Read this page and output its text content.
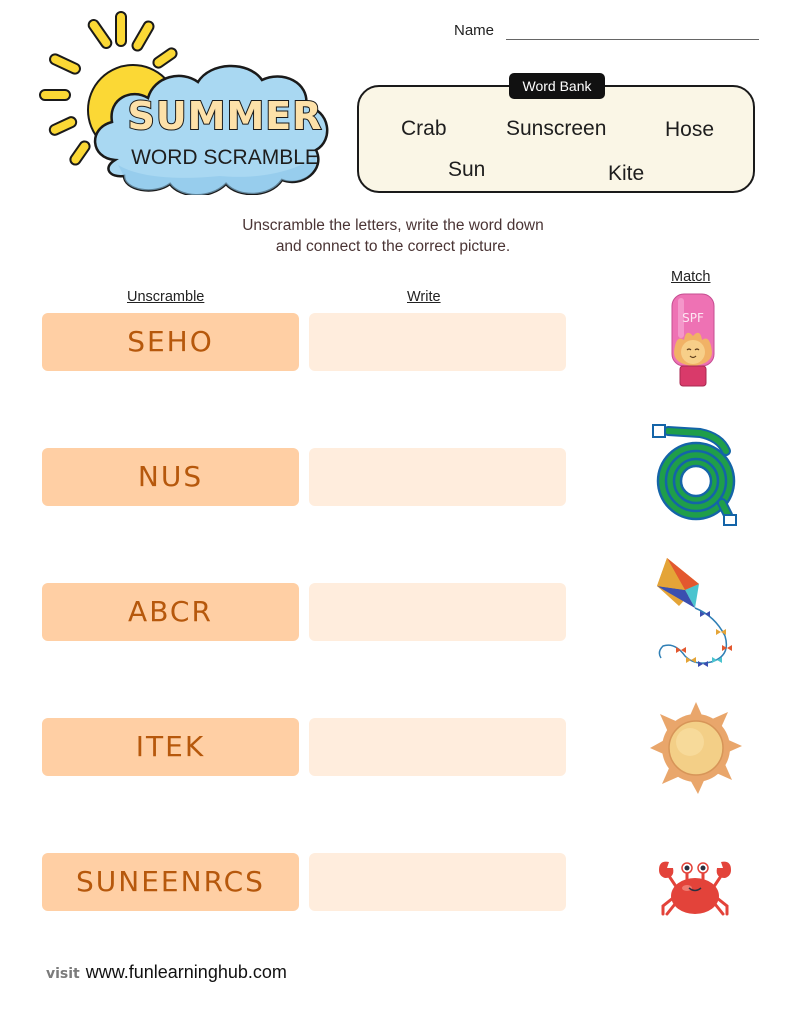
SUMMER
WORD SCRAMBLE
Name
Crab	Sunscreen	Hose
Sun	Kite
Word Bank
Unscramble the letters, write the word down
and connect to the correct picture.
Unscramble	Write
Match
SEHO
NUS
ABCR
ITEK
SUNEENRCS
SPF
visit www.funlearninghub.com
